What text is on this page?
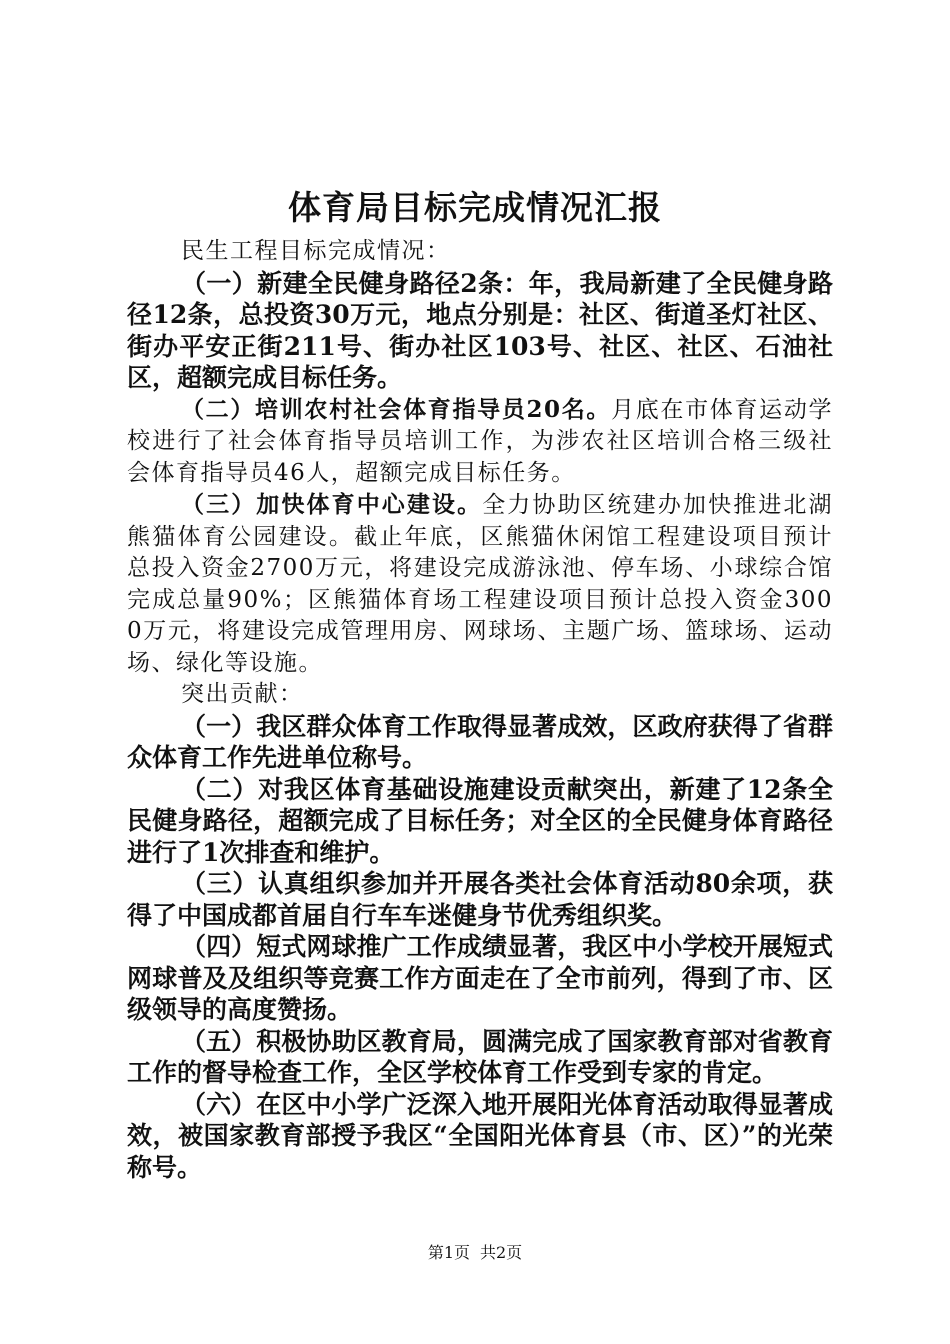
体育局目标完成情况汇报

民生工程目标完成情况：

（一）新建全民健身路径2条：年，我局新建了全民健身路径12条，总投资30万元，地点分别是：社区、街道圣灯社区、街办平安正街211号、街办社区103号、社区、社区、石油社区，超额完成目标任务。

（二）培训农村社会体育指导员20名。月底在市体育运动学校进行了社会体育指导员培训工作，为涉农社区培训合格三级社会体育指导员46人，超额完成目标任务。

（三）加快体育中心建设。全力协助区统建办加快推进北湖熊猫体育公园建设。截止年底，区熊猫休闲馆工程建设项目预计总投入资金2700万元，将建设完成游泳池、停车场、小球综合馆完成总量90%；区熊猫体育场工程建设项目预计总投入资金3000万元，将建设完成管理用房、网球场、主题广场、篮球场、运动场、绿化等设施。

突出贡献：

（一）我区群众体育工作取得显著成效，区政府获得了省群众体育工作先进单位称号。

（二）对我区体育基础设施建设贡献突出，新建了12条全民健身路径，超额完成了目标任务；对全区的全民健身体育路径进行了1次排查和维护。

（三）认真组织参加并开展各类社会体育活动80余项，获得了中国成都首届自行车车迷健身节优秀组织奖。

（四）短式网球推广工作成绩显著，我区中小学校开展短式网球普及及组织等竞赛工作方面走在了全市前列，得到了市、区级领导的高度赞扬。

（五）积极协助区教育局，圆满完成了国家教育部对省教育工作的督导检查工作，全区学校体育工作受到专家的肯定。

（六）在区中小学广泛深入地开展阳光体育活动取得显著成效，被国家教育部授予我区“全国阳光体育县（市、区）”的光荣称号。

第1页 共2页
